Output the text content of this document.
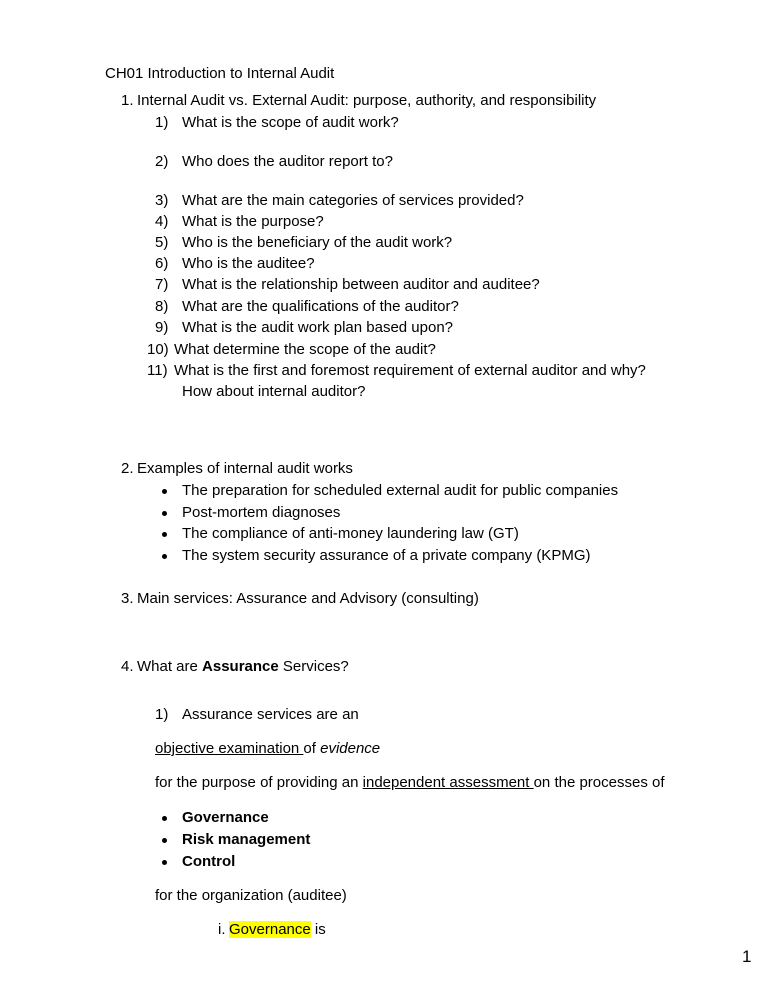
CH01 Introduction to Internal Audit
1. Internal Audit vs. External Audit: purpose, authority, and responsibility
1) What is the scope of audit work?
2) Who does the auditor report to?
3) What are the main categories of services provided?
4) What is the purpose?
5) Who is the beneficiary of the audit work?
6) Who is the auditee?
7) What is the relationship between auditor and auditee?
8) What are the qualifications of the auditor?
9) What is the audit work plan based upon?
10) What determine the scope of the audit?
11) What is the first and foremost requirement of external auditor and why?
How about internal auditor?
2. Examples of internal audit works
The preparation for scheduled external audit for public companies
Post-mortem diagnoses
The compliance of anti-money laundering law (GT)
The system security assurance of a private company (KPMG)
3. Main services: Assurance and Advisory (consulting)
4. What are Assurance Services?
1) Assurance services are an
objective examination of evidence
for the purpose of providing an independent assessment on the processes of
Governance
Risk management
Control
for the organization (auditee)
i. Governance is
1
